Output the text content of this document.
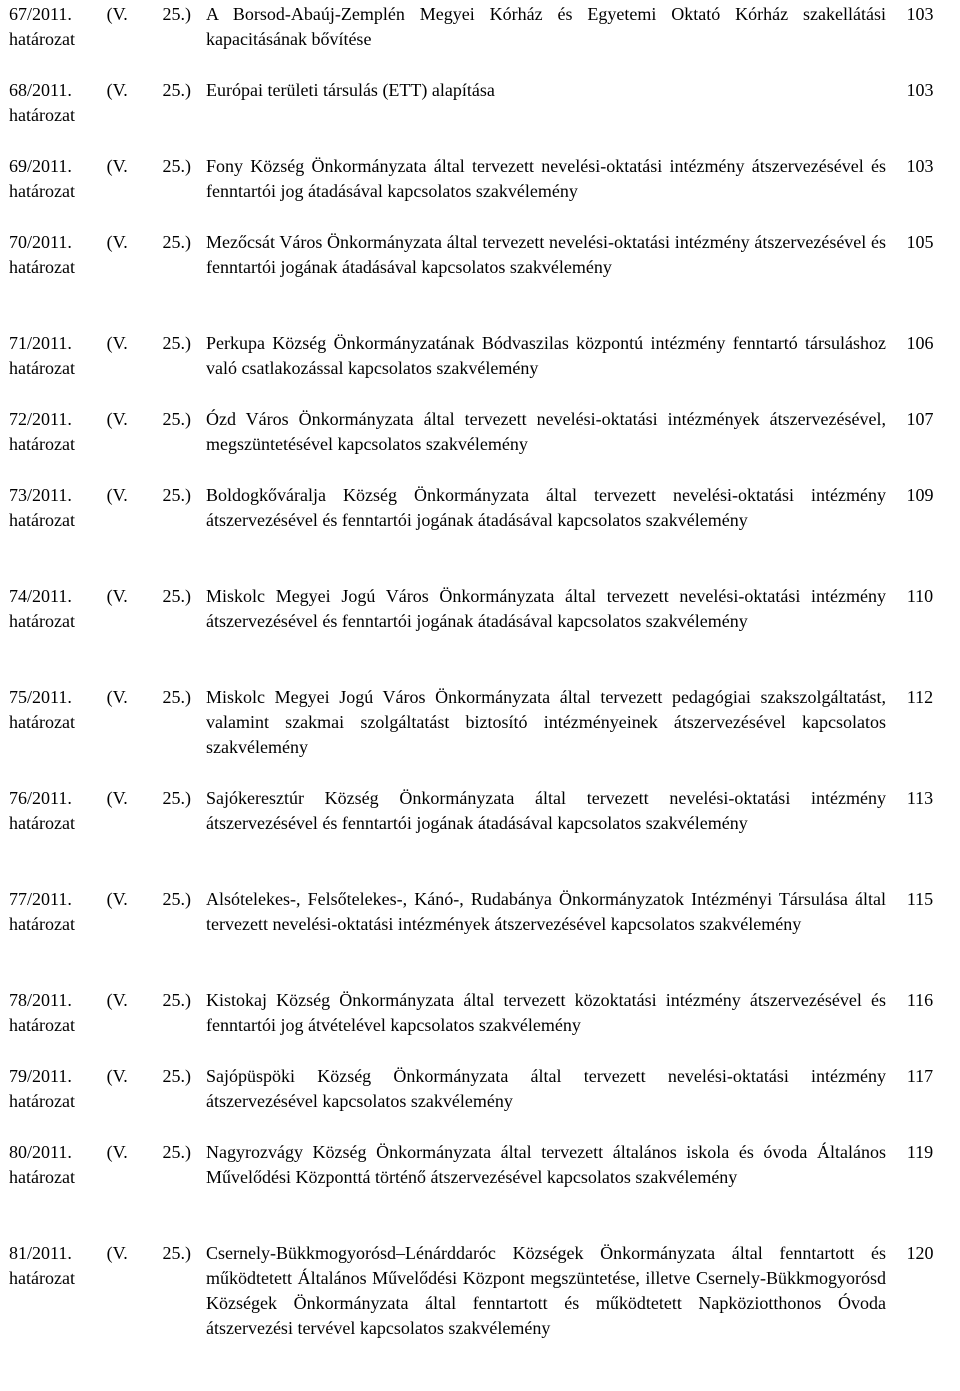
67/2011. (V. 25.)
határozat
A Borsod-Abaúj-Zemplén Megyei Kórház és Egyetemi Oktató Kórház szakellátási kapacitásának bővítése
103
68/2011. (V. 25.)
határozat
Európai területi társulás (ETT) alapítása	103
69/2011. (V. 25.)
határozat
Fony Község Önkormányzata által tervezett nevelési-oktatási intézmény átszervezésével és fenntartói jog átadásával kapcsolatos szakvélemény
103
70/2011. (V. 25.)
határozat
Mezőcsát Város Önkormányzata által tervezett nevelési-oktatási intézmény átszervezésével és fenntartói jogának átadásával kapcsolatos szakvélemény
105
71/2011. (V. 25.)
határozat
Perkupa Község Önkormányzatának Bódvaszilas központú intézmény fenntartó társuláshoz való csatlakozással kapcsolatos szakvélemény
106
72/2011. (V. 25.)
határozat
Ózd Város Önkormányzata által tervezett nevelési-oktatási intézmények átszervezésével, megszüntetésével kapcsolatos szakvélemény
107
73/2011. (V. 25.)
határozat
Boldogkőváralja Község Önkormányzata által tervezett nevelési-oktatási intézmény átszervezésével és fenntartói jogának átadásával kapcsolatos szakvélemény
109
74/2011. (V. 25.)
határozat
Miskolc Megyei Jogú Város Önkormányzata által tervezett nevelési-oktatási intézmény átszervezésével és fenntartói jogának átadásával kapcsolatos szakvélemény
110
75/2011. (V. 25.)
határozat
Miskolc Megyei Jogú Város Önkormányzata által tervezett pedagógiai szakszolgáltatást, valamint szakmai szolgáltatást biztosító intézményeinek átszervezésével kapcsolatos szakvélemény
112
76/2011. (V. 25.)
határozat
Sajókeresztúr Község Önkormányzata által tervezett nevelési-oktatási intézmény átszervezésével és fenntartói jogának átadásával kapcsolatos szakvélemény
113
77/2011. (V. 25.)
határozat
Alsótelekes-, Felsőtelekes-, Kánó-, Rudabánya Önkormányzatok Intézményi Társulása által tervezett nevelési-oktatási intézmények átszervezésével kapcsolatos szakvélemény
115
78/2011. (V. 25.)
határozat
Kistokaj Község Önkormányzata által tervezett közoktatási intézmény átszervezésével és fenntartói jog átvételével kapcsolatos szakvélemény
116
79/2011. (V. 25.)
határozat
Sajópüspöki Község Önkormányzata által tervezett nevelési-oktatási intézmény átszervezésével kapcsolatos szakvélemény
117
80/2011. (V. 25.)
határozat
Nagyrozvágy Község Önkormányzata által tervezett általános iskola és óvoda Általános Művelődési Központtá történő átszervezésével kapcsolatos szakvélemény
119
81/2011. (V. 25.)
határozat
Csernely-Bükkmogyorósd–Lénárddaróc Községek Önkormányzata által fenntartott és működtetett Általános Művelődési Központ megszüntetése, illetve Csernely-Bükkmogyorósd Községek Önkormányzata által fenntartott és működtetett Napköziotthonos Óvoda átszervezési tervével kapcsolatos szakvélemény
120
